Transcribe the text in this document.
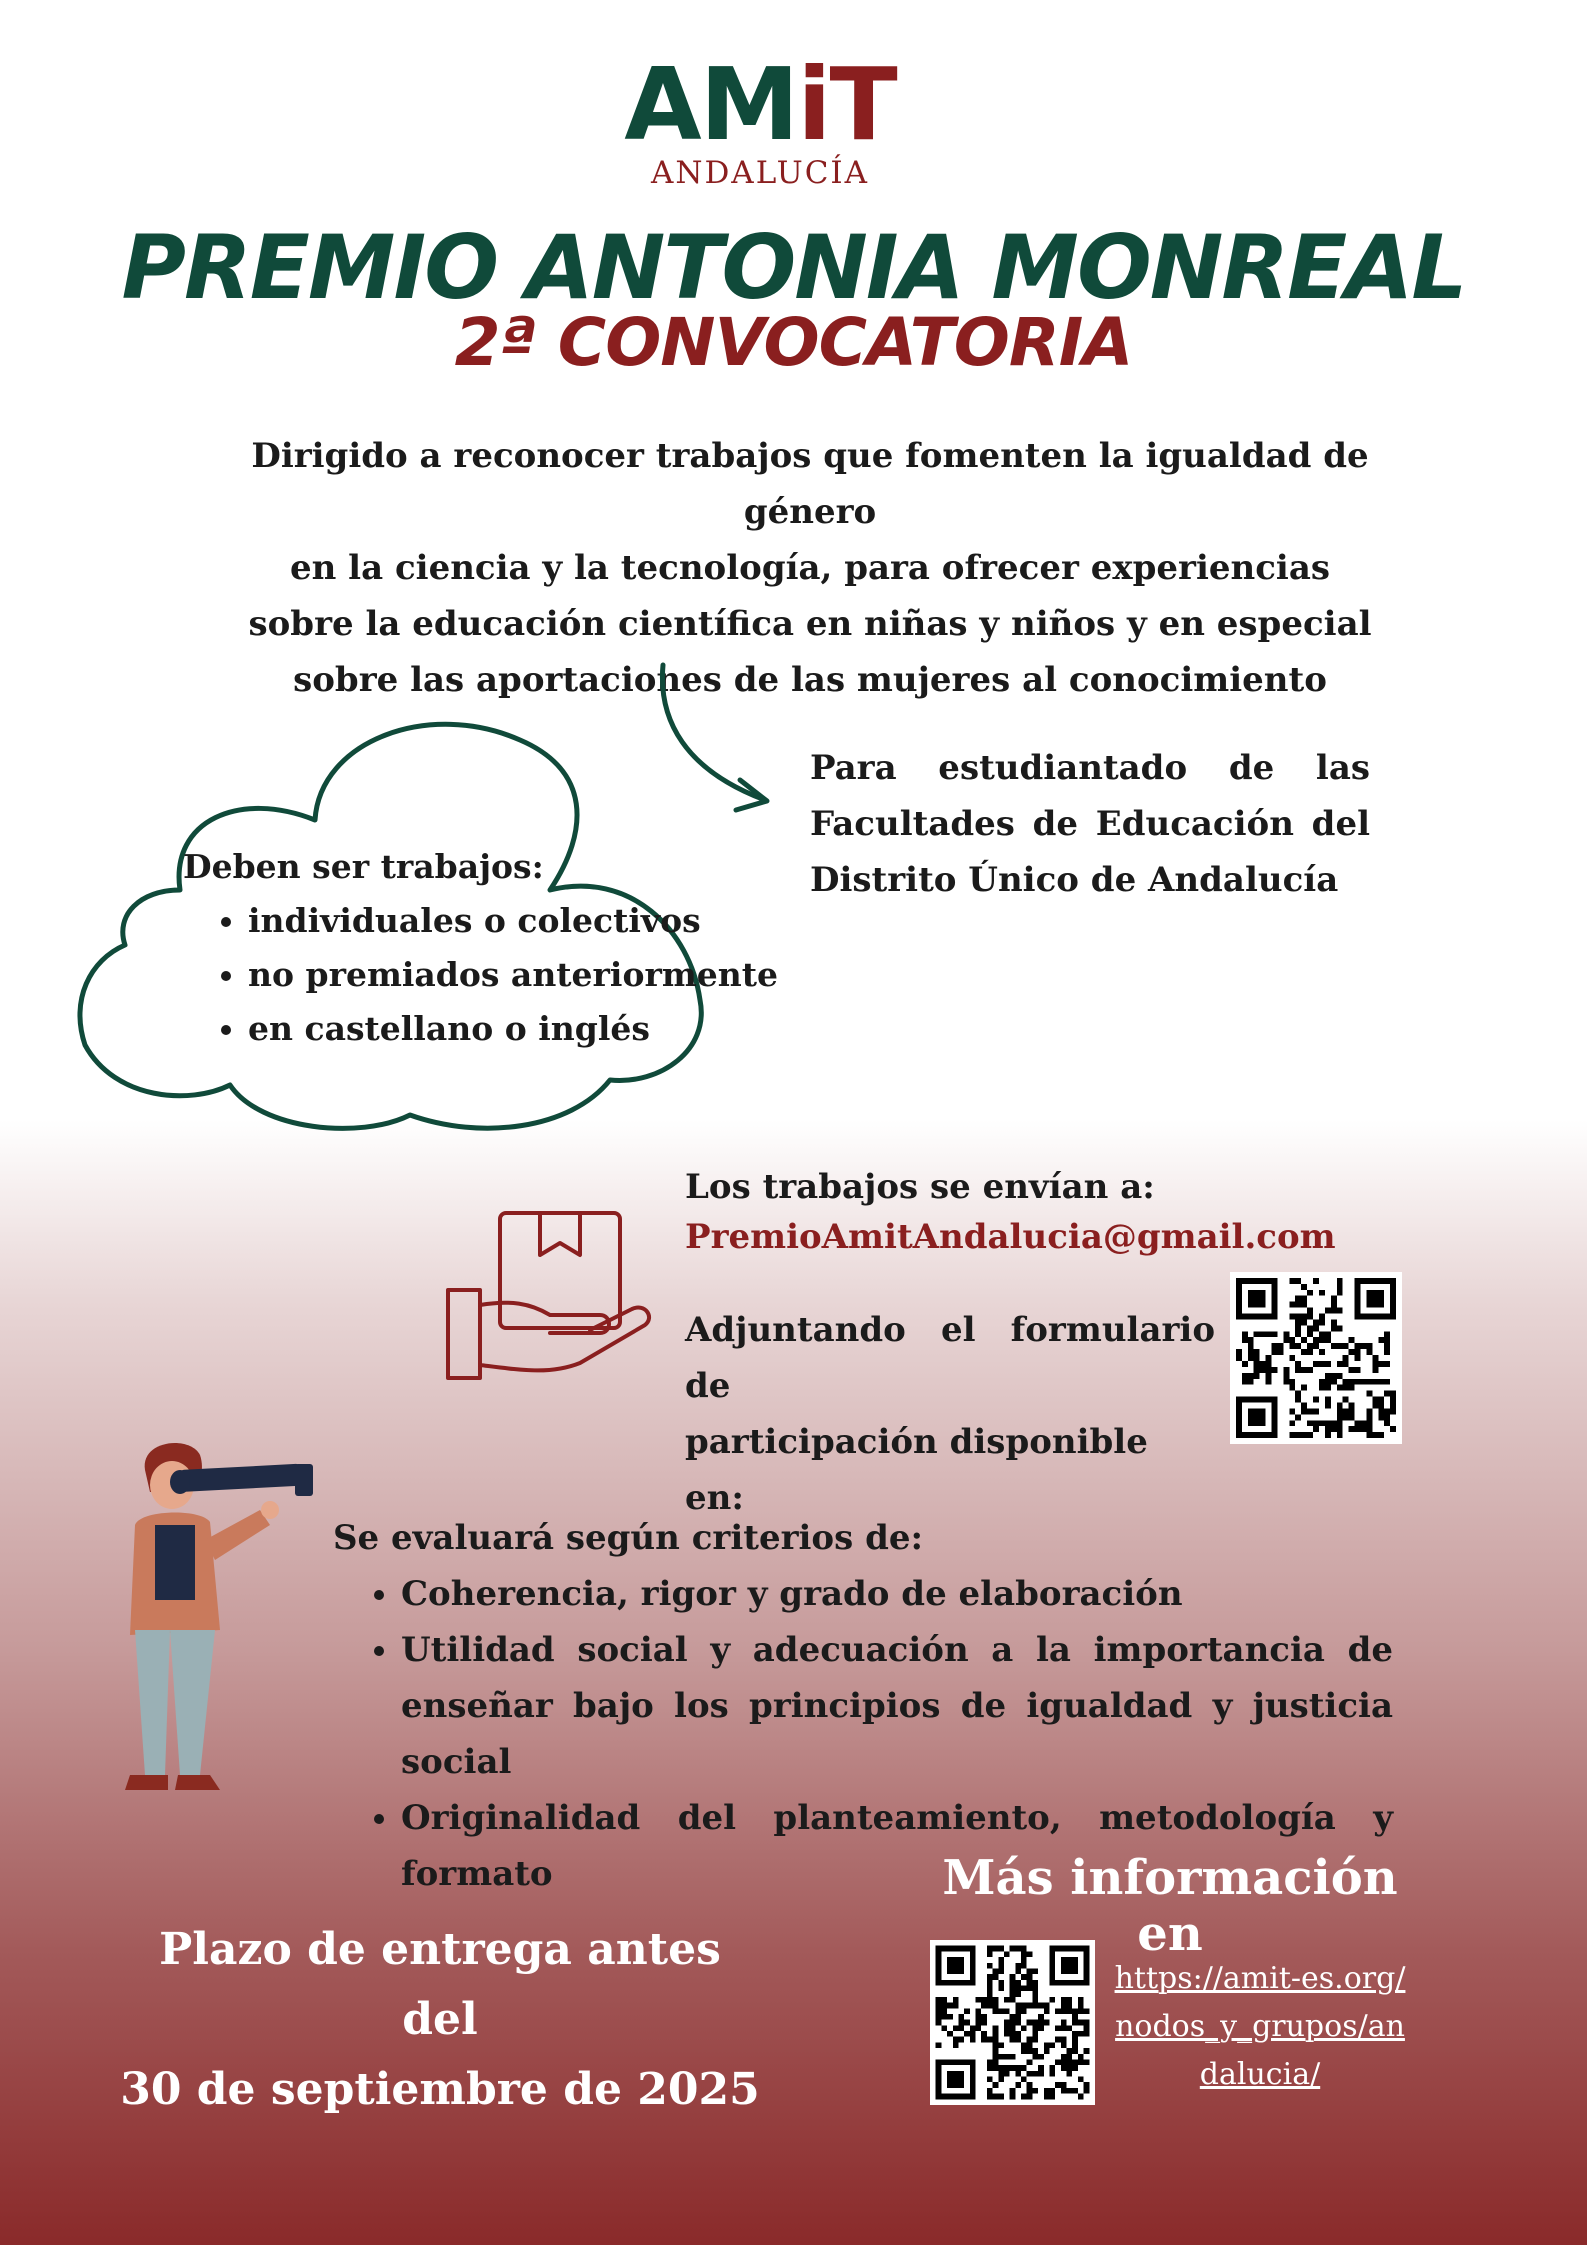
AMiT
ANDALUCÍA
PREMIO ANTONIA MONREAL
2ª CONVOCATORIA
Dirigido a reconocer trabajos que fomenten la igualdad de género
en la ciencia y la tecnología, para ofrecer experiencias
sobre la educación científica en niñas y niños y en especial
sobre las aportaciones de las mujeres al conocimiento
Deben ser trabajos:
• individuales o colectivos
• no premiados anteriormente
• en castellano o inglés
Para estudiantado de las
Facultades de Educación del
Distrito Único de Andalucía
Los trabajos se envían a:
PremioAmitAndalucia@gmail.com
Adjuntando el formulario de
participación disponible en:
Se evaluará según criterios de:
• Coherencia, rigor y grado de elaboración
• Utilidad social y adecuación a la importancia de enseñar bajo los principios de igualdad y justicia social
• Originalidad del planteamiento, metodología y formato	Más información en
Plazo de entrega antes del
30 de septiembre de 2025
https://amit-es.org/nodos_y_grupos/andalucia/
